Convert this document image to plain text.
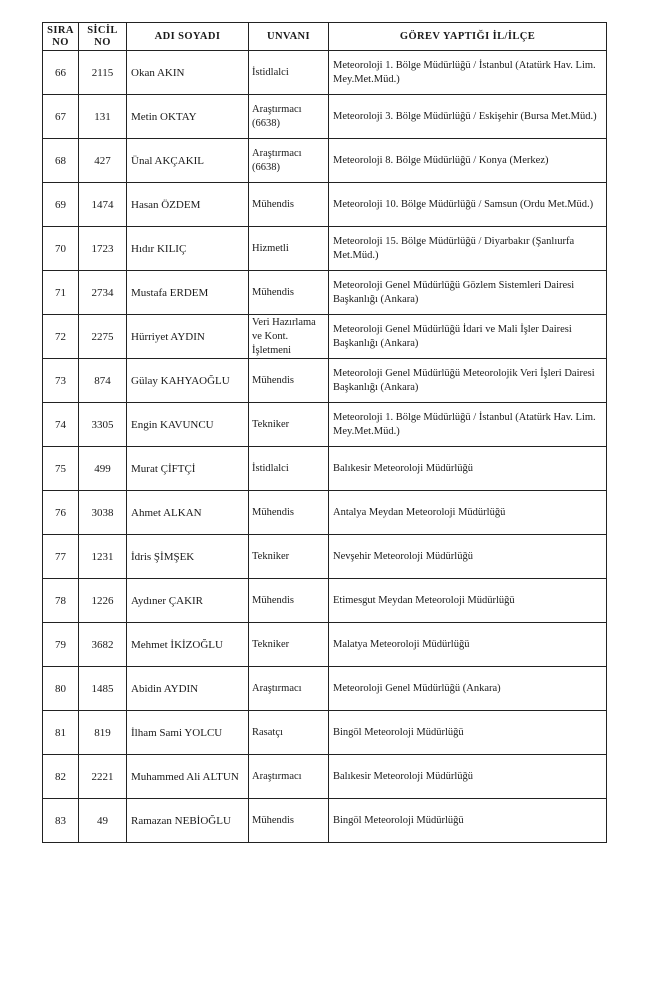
SIRA NO	SİCİL NO	ADI SOYADI	UNVANI	GÖREV YAPTIĞI İL/İLÇE
66	2115	Okan AKIN	İstidlalci	Meteoroloji 1. Bölge Müdürlüğü / İstanbul (Atatürk Hav. Lim. Mey.Met.Müd.)
67	131	Metin OKTAY	Araştırmacı (6638)	Meteoroloji 3. Bölge Müdürlüğü / Eskişehir (Bursa Met.Müd.)
68	427	Ünal AKÇAKIL	Araştırmacı (6638)	Meteoroloji 8. Bölge Müdürlüğü / Konya (Merkez)
69	1474	Hasan ÖZDEM	Mühendis	Meteoroloji 10. Bölge Müdürlüğü / Samsun (Ordu Met.Müd.)
70	1723	Hıdır KILIÇ	Hizmetli	Meteoroloji 15. Bölge Müdürlüğü / Diyarbakır (Şanlıurfa Met.Müd.)
71	2734	Mustafa ERDEM	Mühendis	Meteoroloji Genel Müdürlüğü Gözlem Sistemleri Dairesi Başkanlığı (Ankara)
72	2275	Hürriyet AYDIN	Veri Hazırlama ve Kont. İşletmeni	Meteoroloji Genel Müdürlüğü İdari ve Mali İşler Dairesi Başkanlığı (Ankara)
73	874	Gülay KAHYAOĞLU	Mühendis	Meteoroloji Genel Müdürlüğü Meteorolojik Veri İşleri Dairesi Başkanlığı (Ankara)
74	3305	Engin KAVUNCU	Tekniker	Meteoroloji 1. Bölge Müdürlüğü / İstanbul (Atatürk Hav. Lim. Mey.Met.Müd.)
75	499	Murat ÇİFTÇİ	İstidlalci	Balıkesir Meteoroloji Müdürlüğü
76	3038	Ahmet ALKAN	Mühendis	Antalya Meydan Meteoroloji Müdürlüğü
77	1231	İdris ŞİMŞEK	Tekniker	Nevşehir Meteoroloji Müdürlüğü
78	1226	Aydıner ÇAKIR	Mühendis	Etimesgut Meydan Meteoroloji Müdürlüğü
79	3682	Mehmet İKİZOĞLU	Tekniker	Malatya Meteoroloji Müdürlüğü
80	1485	Abidin AYDIN	Araştırmacı	Meteoroloji Genel Müdürlüğü (Ankara)
81	819	İlham Sami YOLCU	Rasatçı	Bingöl Meteoroloji Müdürlüğü
82	2221	Muhammed Ali ALTUN	Araştırmacı	Balıkesir Meteoroloji Müdürlüğü
83	49	Ramazan NEBİOĞLU	Mühendis	Bingöl Meteoroloji Müdürlüğü
